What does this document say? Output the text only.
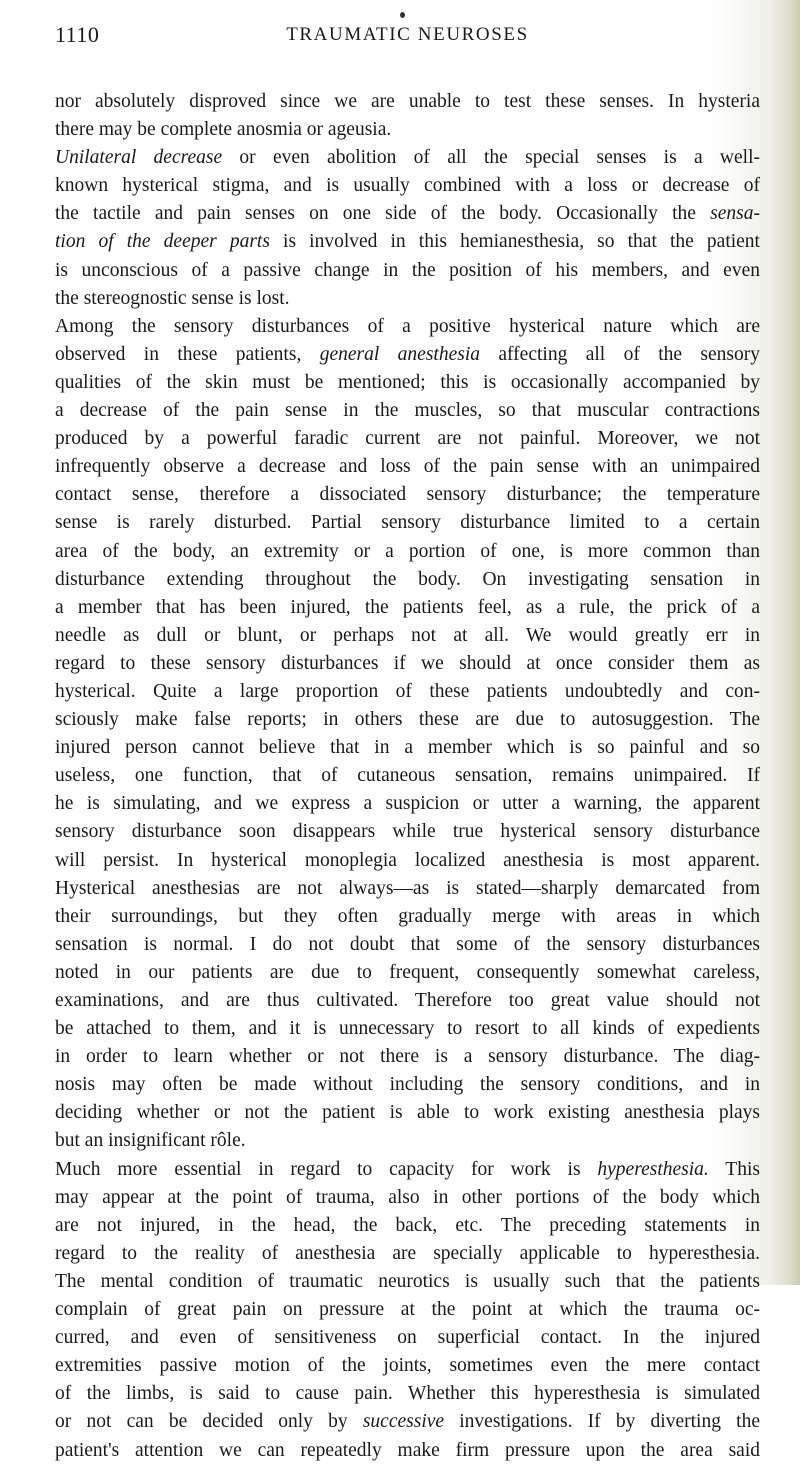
1110	TRAUMATIC NEUROSES
nor absolutely disproved since we are unable to test these senses. In hysteria
there may be complete anosmia or ageusia.
Unilateral decrease or even abolition of all the special senses is a well-
known hysterical stigma, and is usually combined with a loss or decrease of
the tactile and pain senses on one side of the body. Occasionally the sensa-
tion of the deeper parts is involved in this hemianesthesia, so that the patient
is unconscious of a passive change in the position of his members, and even
the stereognostic sense is lost.
Among the sensory disturbances of a positive hysterical nature which are
observed in these patients, general anesthesia affecting all of the sensory
qualities of the skin must be mentioned; this is occasionally accompanied by
a decrease of the pain sense in the muscles, so that muscular contractions
produced by a powerful faradic current are not painful. Moreover, we not
infrequently observe a decrease and loss of the pain sense with an unimpaired
contact sense, therefore a dissociated sensory disturbance; the temperature
sense is rarely disturbed. Partial sensory disturbance limited to a certain
area of the body, an extremity or a portion of one, is more common than
disturbance extending throughout the body. On investigating sensation in
a member that has been injured, the patients feel, as a rule, the prick of a
needle as dull or blunt, or perhaps not at all. We would greatly err in
regard to these sensory disturbances if we should at once consider them as
hysterical. Quite a large proportion of these patients undoubtedly and con-
sciously make false reports; in others these are due to autosuggestion. The
injured person cannot believe that in a member which is so painful and so
useless, one function, that of cutaneous sensation, remains unimpaired. If
he is simulating, and we express a suspicion or utter a warning, the apparent
sensory disturbance soon disappears while true hysterical sensory disturbance
will persist. In hysterical monoplegia localized anesthesia is most apparent.
Hysterical anesthesias are not always—as is stated—sharply demarcated from
their surroundings, but they often gradually merge with areas in which
sensation is normal. I do not doubt that some of the sensory disturbances
noted in our patients are due to frequent, consequently somewhat careless,
examinations, and are thus cultivated. Therefore too great value should not
be attached to them, and it is unnecessary to resort to all kinds of expedients
in order to learn whether or not there is a sensory disturbance. The diag-
nosis may often be made without including the sensory conditions, and in
deciding whether or not the patient is able to work existing anesthesia plays
but an insignificant rôle.
Much more essential in regard to capacity for work is hyperesthesia. This
may appear at the point of trauma, also in other portions of the body which
are not injured, in the head, the back, etc. The preceding statements in
regard to the reality of anesthesia are specially applicable to hyperesthesia.
The mental condition of traumatic neurotics is usually such that the patients
complain of great pain on pressure at the point at which the trauma oc-
curred, and even of sensitiveness on superficial contact. In the injured
extremities passive motion of the joints, sometimes even the mere contact
of the limbs, is said to cause pain. Whether this hyperesthesia is simulated
or not can be decided only by successive investigations. If by diverting the
patient's attention we can repeatedly make firm pressure upon the area said
